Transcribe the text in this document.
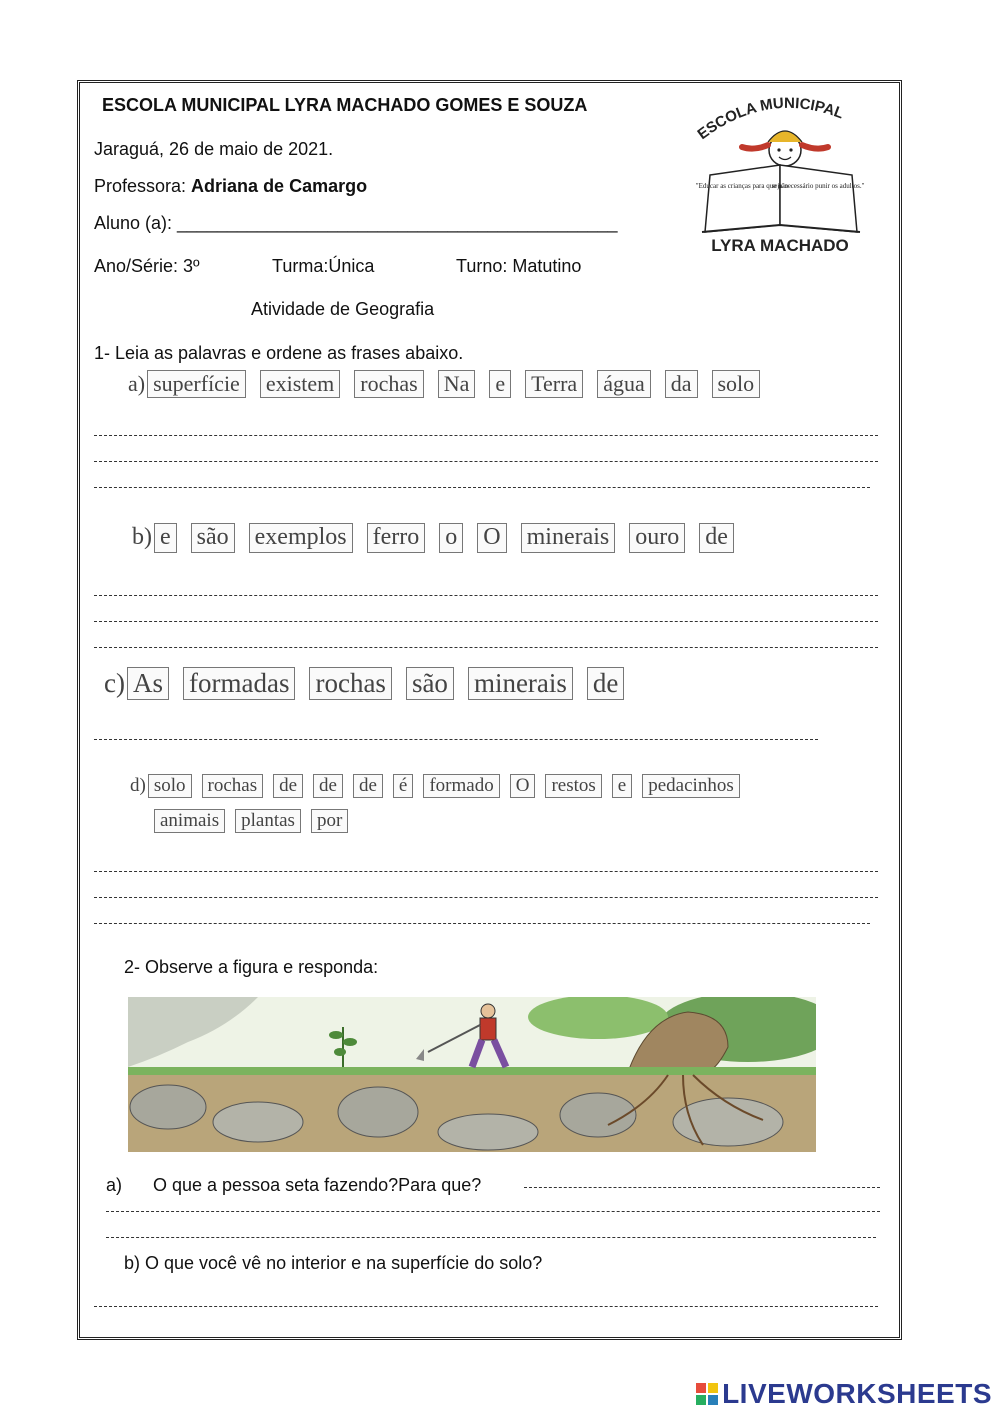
ESCOLA MUNICIPAL LYRA MACHADO GOMES E SOUZA
Jaraguá, 26 de maio de 2021.
Professora: Adriana de Camargo
Aluno (a): ____________________________________________
Ano/Série: 3º	Turma:Única	Turno: Matutino
Atividade de Geografia
ESCOLA MUNICIPAL
"Educar as crianças para que não
seja necessário punir os adultos."
LYRA MACHADO
1- Leia as palavras e ordene as frases abaixo.
a) superfície existem rochas Na e Terra água da solo
b) e são exemplos ferro o O minerais ouro de
c) As formadas rochas são minerais de
d) solo rochas de de de é formado O restos e pedacinhos
animais plantas por
2- Observe a figura e responda:
a) O que a pessoa seta fazendo?Para que?
b) O que você vê no interior e na superfície do solo?
LIVEWORKSHEETS
